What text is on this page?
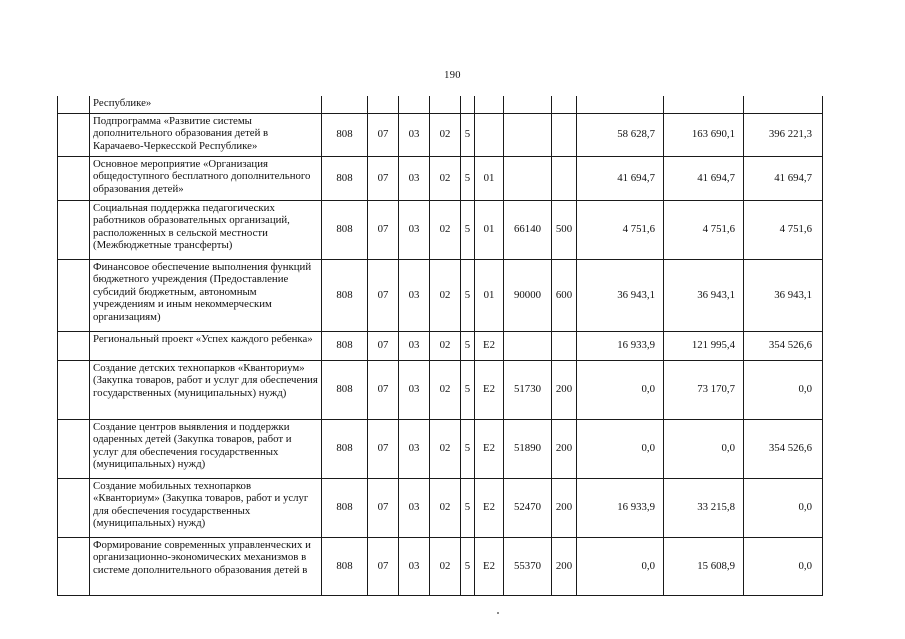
190
	Республике»											
	Подпрограмма «Развитие системы дополнительного образования детей в Карачаево-Черкесской Республике»	808	07	03	02	5				58 628,7	163 690,1	396 221,3
	Основное мероприятие «Организация общедоступного бесплатного дополнительного образования детей»	808	07	03	02	5	01			41 694,7	41 694,7	41 694,7
	Социальная поддержка педагогических работников образовательных организаций, расположенных в сельской местности (Межбюджетные трансферты)	808	07	03	02	5	01	66140	500	4 751,6	4 751,6	4 751,6
	Финансовое обеспечение выполнения функций бюджетного учреждения (Предоставление субсидий бюджетным, автономным учреждениям и иным некоммерческим организациям)	808	07	03	02	5	01	90000	600	36 943,1	36 943,1	36 943,1
	Региональный проект «Успех каждого ребенка»	808	07	03	02	5	E2			16 933,9	121 995,4	354 526,6
	Создание детских технопарков «Кванториум» (Закупка товаров, работ и услуг для обеспечения государственных (муниципальных) нужд)	808	07	03	02	5	E2	51730	200	0,0	73 170,7	0,0
	Создание центров выявления и поддержки одаренных детей (Закупка товаров, работ и услуг для обеспечения государственных (муниципальных) нужд)	808	07	03	02	5	E2	51890	200	0,0	0,0	354 526,6
	Создание мобильных технопарков «Кванториум» (Закупка товаров, работ и услуг для обеспечения государственных (муниципальных) нужд)	808	07	03	02	5	E2	52470	200	16 933,9	33 215,8	0,0
	Формирование современных управленческих и организационно-экономических механизмов в системе дополнительного образования детей в	808	07	03	02	5	E2	55370	200	0,0	15 608,9	0,0
